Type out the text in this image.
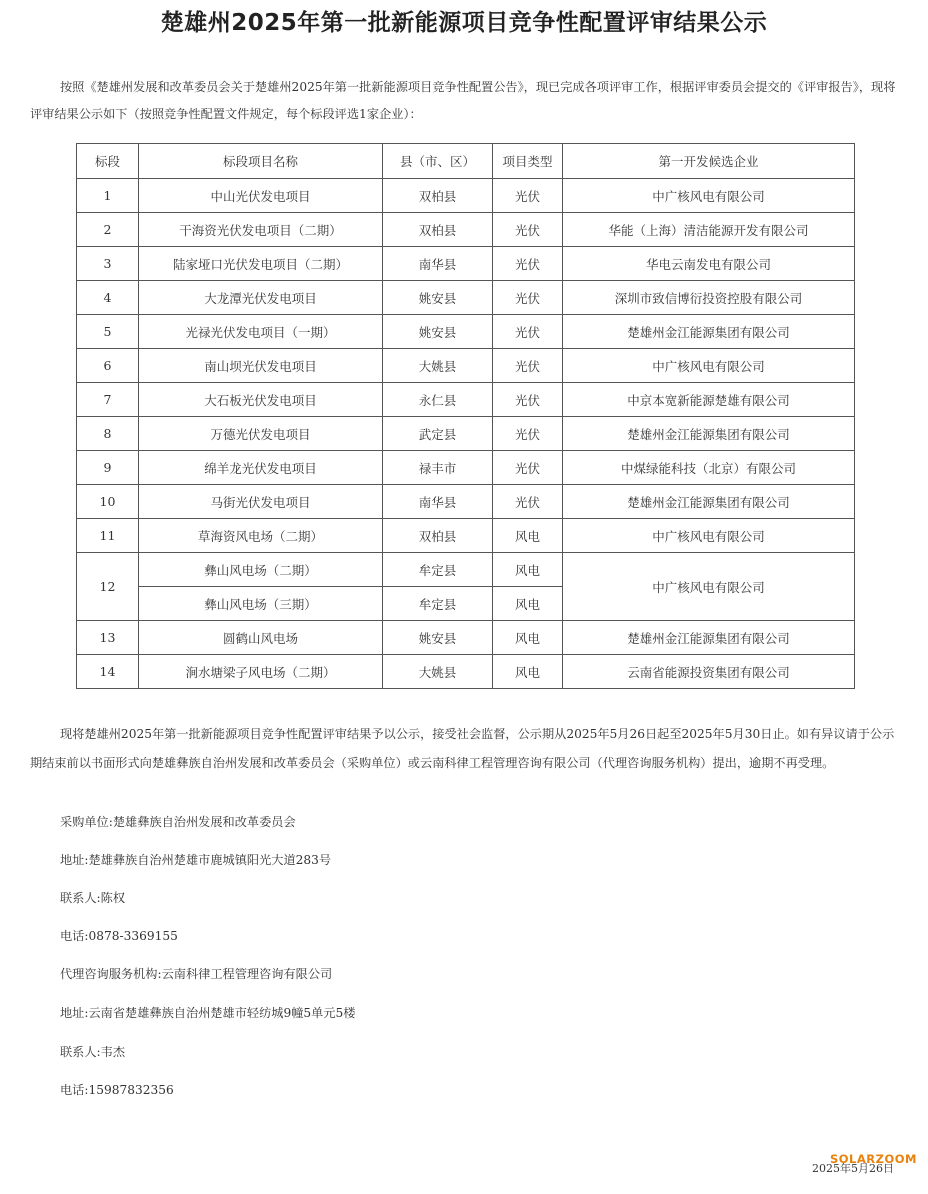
楚雄州2025年第一批新能源项目竞争性配置评审结果公示
按照《楚雄州发展和改革委员会关于楚雄州2025年第一批新能源项目竞争性配置公告》，现已完成各项评审工作，根据评审委员会提交的《评审报告》，现将评审结果公示如下（按照竞争性配置文件规定，每个标段评选1家企业）：
标段	标段项目名称	县（市、区）	项目类型	第一开发候选企业
1	中山光伏发电项目	双柏县	光伏	中广核风电有限公司
2	干海资光伏发电项目（二期）	双柏县	光伏	华能（上海）清洁能源开发有限公司
3	陆家垭口光伏发电项目（二期）	南华县	光伏	华电云南发电有限公司
4	大龙潭光伏发电项目	姚安县	光伏	深圳市致信博衍投资控股有限公司
5	光禄光伏发电项目（一期）	姚安县	光伏	楚雄州金江能源集团有限公司
6	南山坝光伏发电项目	大姚县	光伏	中广核风电有限公司
7	大石板光伏发电项目	永仁县	光伏	中京本宽新能源楚雄有限公司
8	万德光伏发电项目	武定县	光伏	楚雄州金江能源集团有限公司
9	绵羊龙光伏发电项目	禄丰市	光伏	中煤绿能科技（北京）有限公司
10	马街光伏发电项目	南华县	光伏	楚雄州金江能源集团有限公司
11	草海资风电场（二期）	双柏县	风电	中广核风电有限公司
12	彝山风电场（二期）	牟定县	风电	中广核风电有限公司
	彝山风电场（三期）	牟定县	风电	
13	圆鹤山风电场	姚安县	风电	楚雄州金江能源集团有限公司
14	涧水塘梁子风电场（二期）	大姚县	风电	云南省能源投资集团有限公司
现将楚雄州2025年第一批新能源项目竞争性配置评审结果予以公示，接受社会监督，公示期从2025年5月26日起至2025年5月30日止。如有异议请于公示期结束前以书面形式向楚雄彝族自治州发展和改革委员会（采购单位）或云南科律工程管理咨询有限公司（代理咨询服务机构）提出，逾期不再受理。
采购单位:楚雄彝族自治州发展和改革委员会
地址:楚雄彝族自治州楚雄市鹿城镇阳光大道283号
联系人:陈权
电话:0878-3369155
代理咨询服务机构:云南科律工程管理咨询有限公司
地址:云南省楚雄彝族自治州楚雄市轻纺城9幢5单元5楼
联系人:韦杰
电话:15987832356
2025年5月26日
SOLARZOOM
